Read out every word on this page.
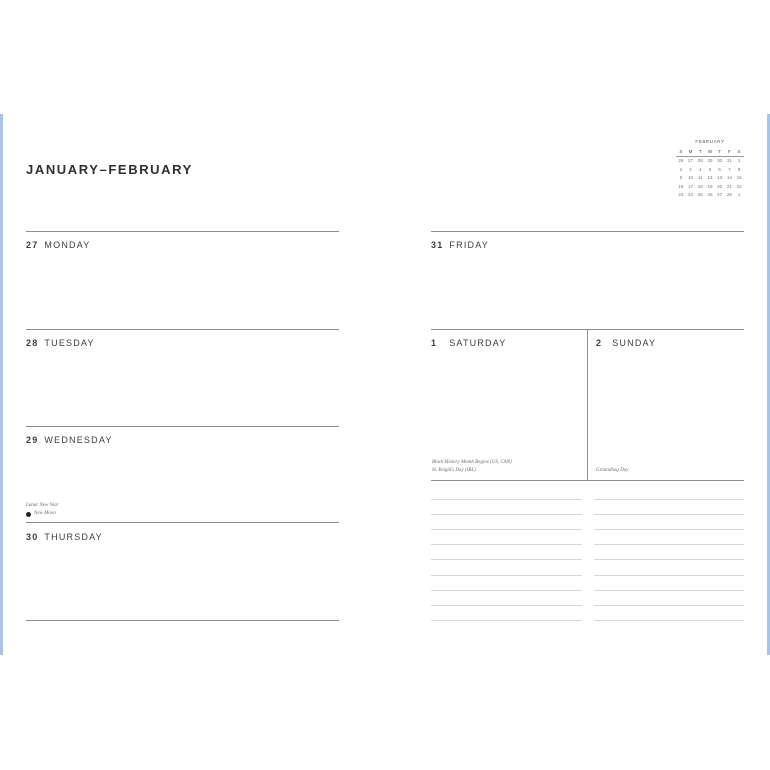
JANUARY–FEBRUARY
FEBRUARY
S	M	T	W	T	F	S
26	27	28	29	30	31	1
2	3	4	5	6	7	8
9	10	11	12	13	14	15
16	17	18	19	20	21	22
23	24	25	26	27	28	1
27 MONDAY
28 TUESDAY
29 WEDNESDAY
30 THURSDAY
Lunar New Year
New Moon
31 FRIDAY
1 SATURDAY	2 SUNDAY
Black History Month Begins (US, CAN)
St. Brigid's Day (IRL)	Groundhog Day
